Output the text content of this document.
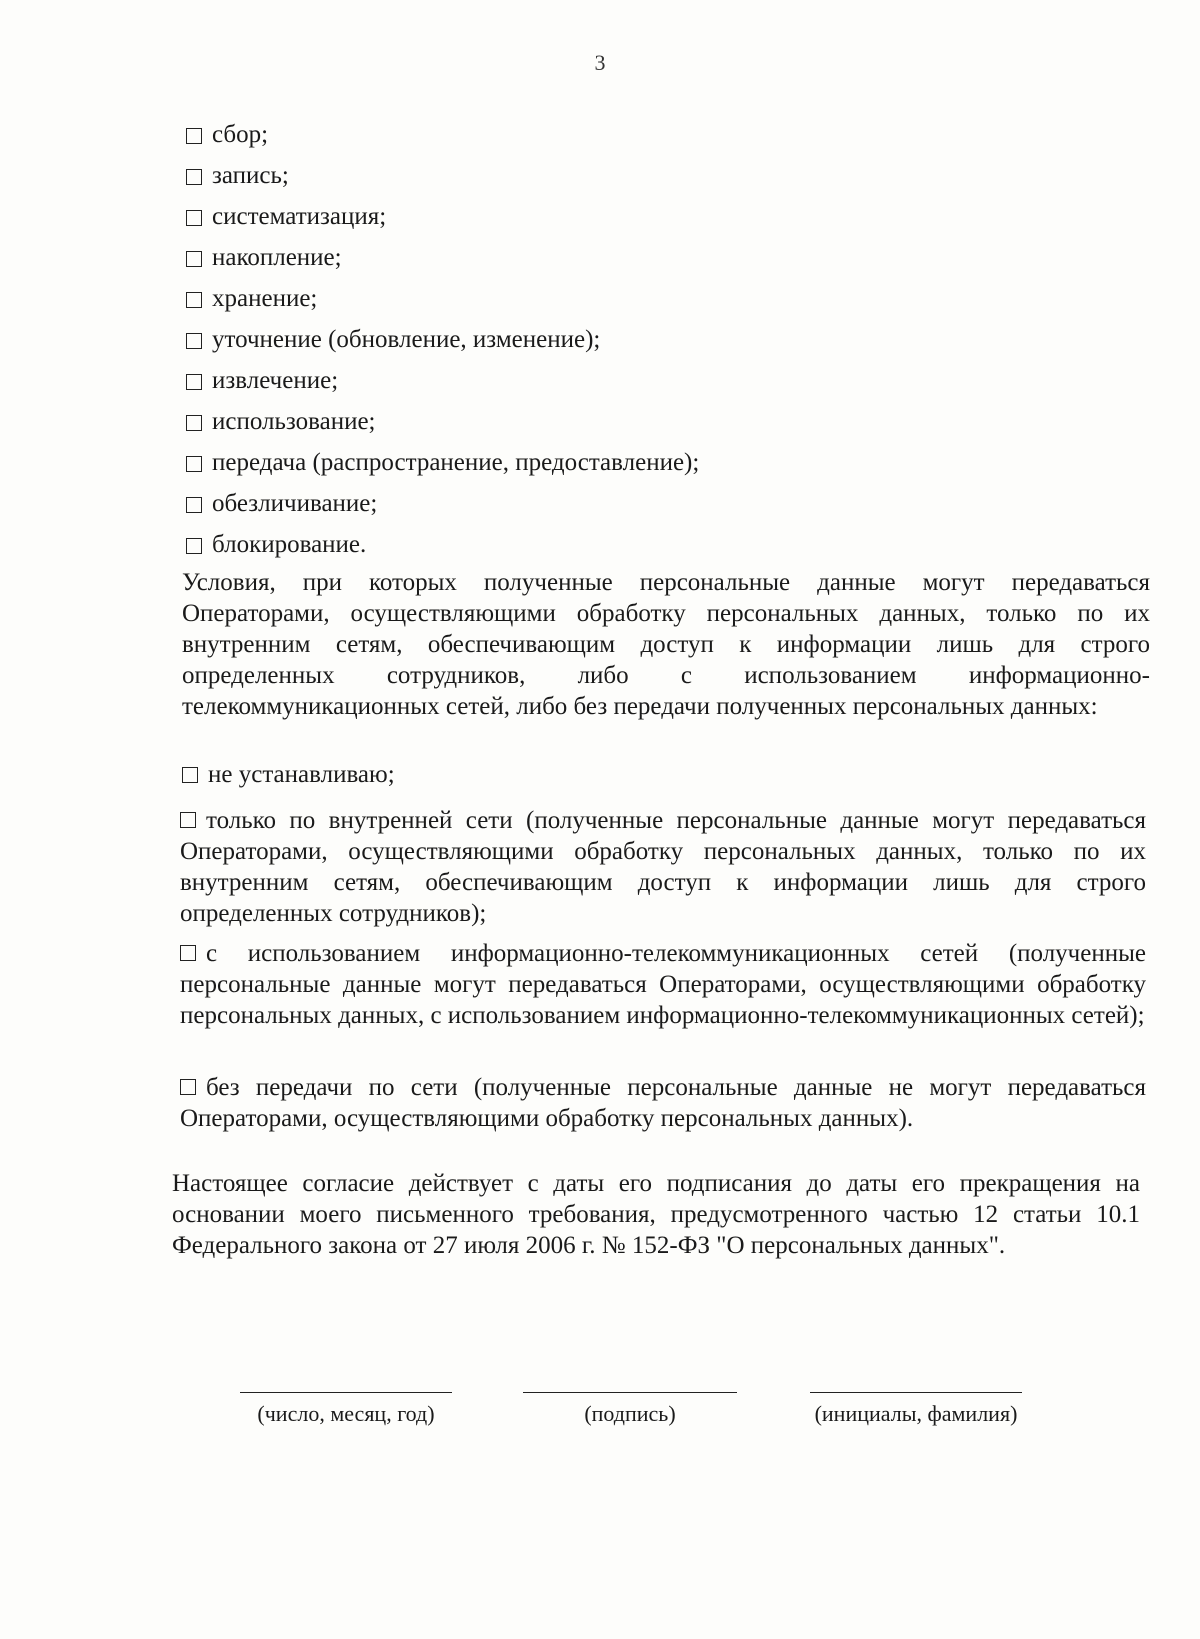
3
сбор;
запись;
систематизация;
накопление;
хранение;
уточнение (обновление, изменение);
извлечение;
использование;
передача (распространение, предоставление);
обезличивание;
блокирование.
Условия, при которых полученные персональные данные могут передаваться Операторами, осуществляющими обработку персональных данных, только по их внутренним сетям, обеспечивающим доступ к информации лишь для строго определенных сотрудников, либо с использованием информационно-телекоммуникационных сетей, либо без передачи полученных персональных данных:
не устанавливаю;
только по внутренней сети (полученные персональные данные могут передаваться Операторами, осуществляющими обработку персональных данных, только по их внутренним сетям, обеспечивающим доступ к информации лишь для строго определенных сотрудников);
с использованием информационно-телекоммуникационных сетей (полученные персональные данные могут передаваться Операторами, осуществляющими обработку персональных данных, с использованием информационно-телекоммуникационных сетей);
без передачи по сети (полученные персональные данные не могут передаваться Операторами, осуществляющими обработку персональных данных).
Настоящее согласие действует с даты его подписания до даты его прекращения на основании моего письменного требования, предусмотренного частью 12 статьи 10.1 Федерального закона от 27 июля 2006 г. № 152-ФЗ "О персональных данных".
(число, месяц, год)	(подпись)	(инициалы, фамилия)
